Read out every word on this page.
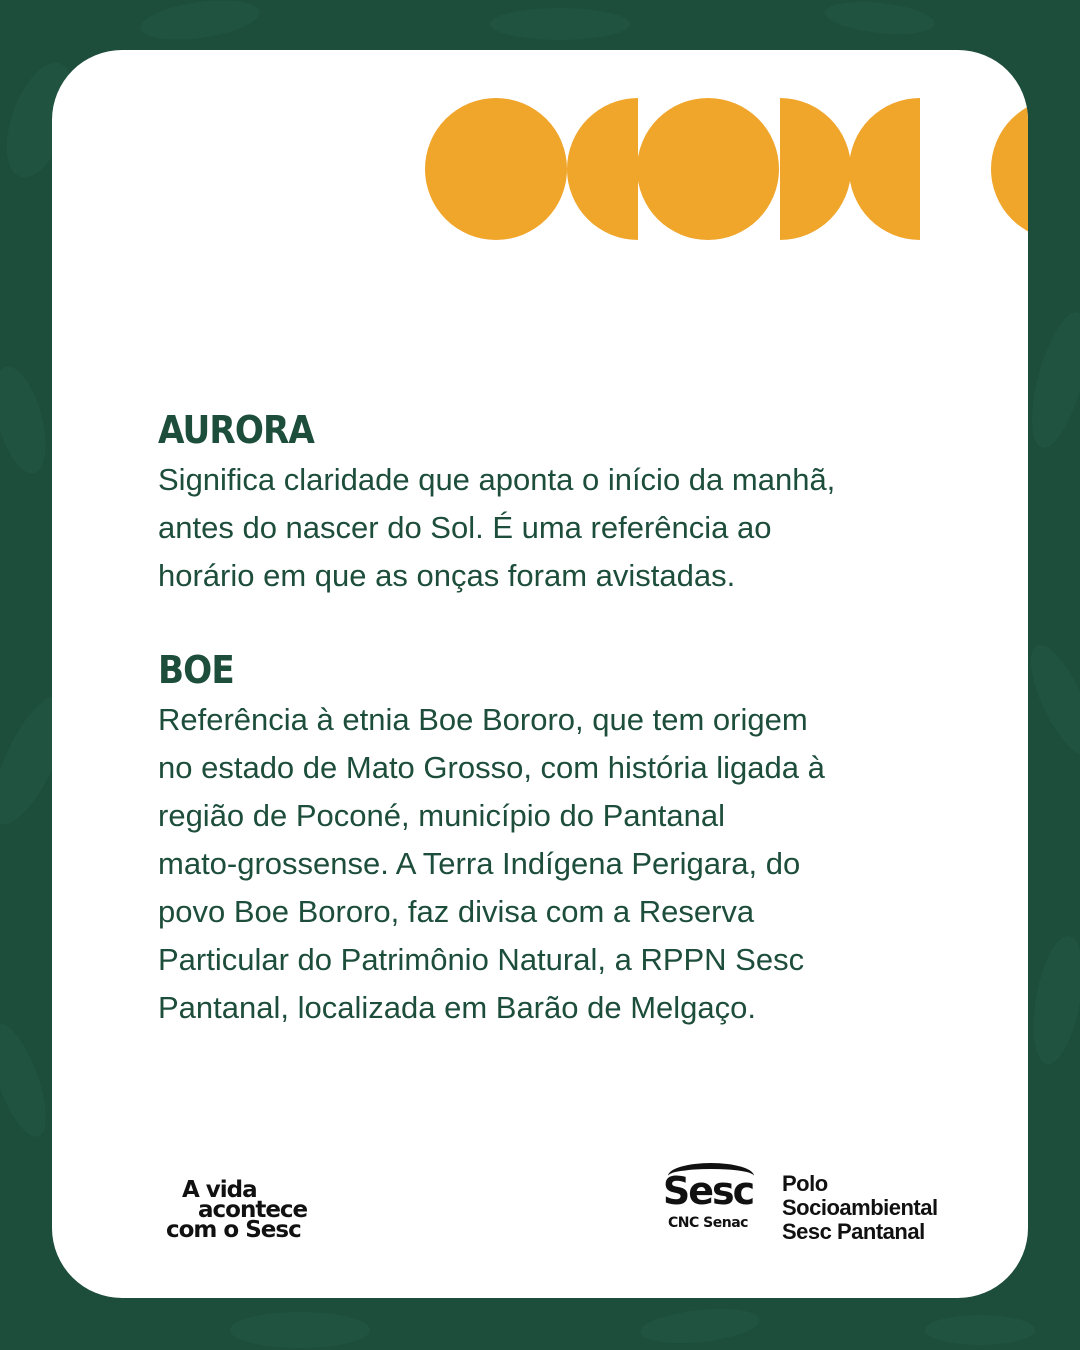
AURORA

Significa claridade que aponta o início da manhã,
antes do nascer do Sol. É uma referência ao
horário em que as onças foram avistadas.

BOE

Referência à etnia Boe Bororo, que tem origem
no estado de Mato Grosso, com história ligada à
região de Poconé, município do Pantanal
mato-grossense. A Terra Indígena Perigara, do
povo Boe Bororo, faz divisa com a Reserva
Particular do Patrimônio Natural, a RPPN Sesc
Pantanal, localizada em Barão de Melgaço.

A vida
acontece
com o Sesc
Sesc
CNC Senac
Polo
Socioambiental
Sesc Pantanal
